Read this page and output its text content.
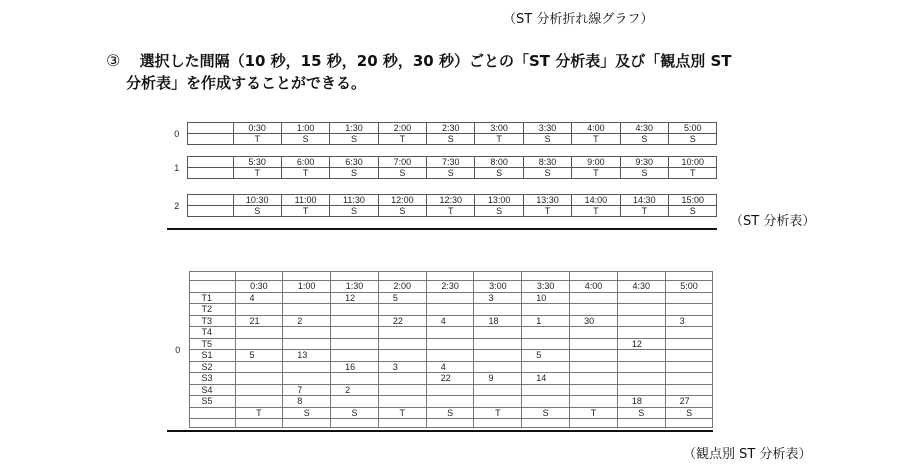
（ST 分析折れ線グラフ）
③ 選択した間隔（10 秒，15 秒，20 秒，30 秒）ごとの「ST 分析表」及び「観点別 ST
分析表」を作成することができる。
0		0:30	1:00	1:30	2:00	2:30	3:00	3:30	4:00	4:30	5:00
		T	S	S	T	S	T	S	T	S	S
1		5:30	6:00	6:30	7:00	7:30	8:00	8:30	9:00	9:30	10:00
		T	T	S	S	S	S	S	T	S	T
2		10:30	11:00	11:30	12:00	12:30	13:00	13:30	14:00	14:30	15:00
		S	T	S	S	T	S	T	T	T	S
（ST 分析表）
0											
		0:30	1:00	1:30	2:00	2:30	3:00	3:30	4:00	4:30	5:00
	T1	4		12	5		3	10			
	T2										
	T3	21	2		22	4	18	1	30		3
	T4										
	T5									12	
	S1	5	13					5			
	S2			16	3	4					
	S3					22	9	14			
	S4		7	2							
	S5		8							18	27
		T	S	S	T	S	T	S	T	S	S

（観点別 ST 分析表）
